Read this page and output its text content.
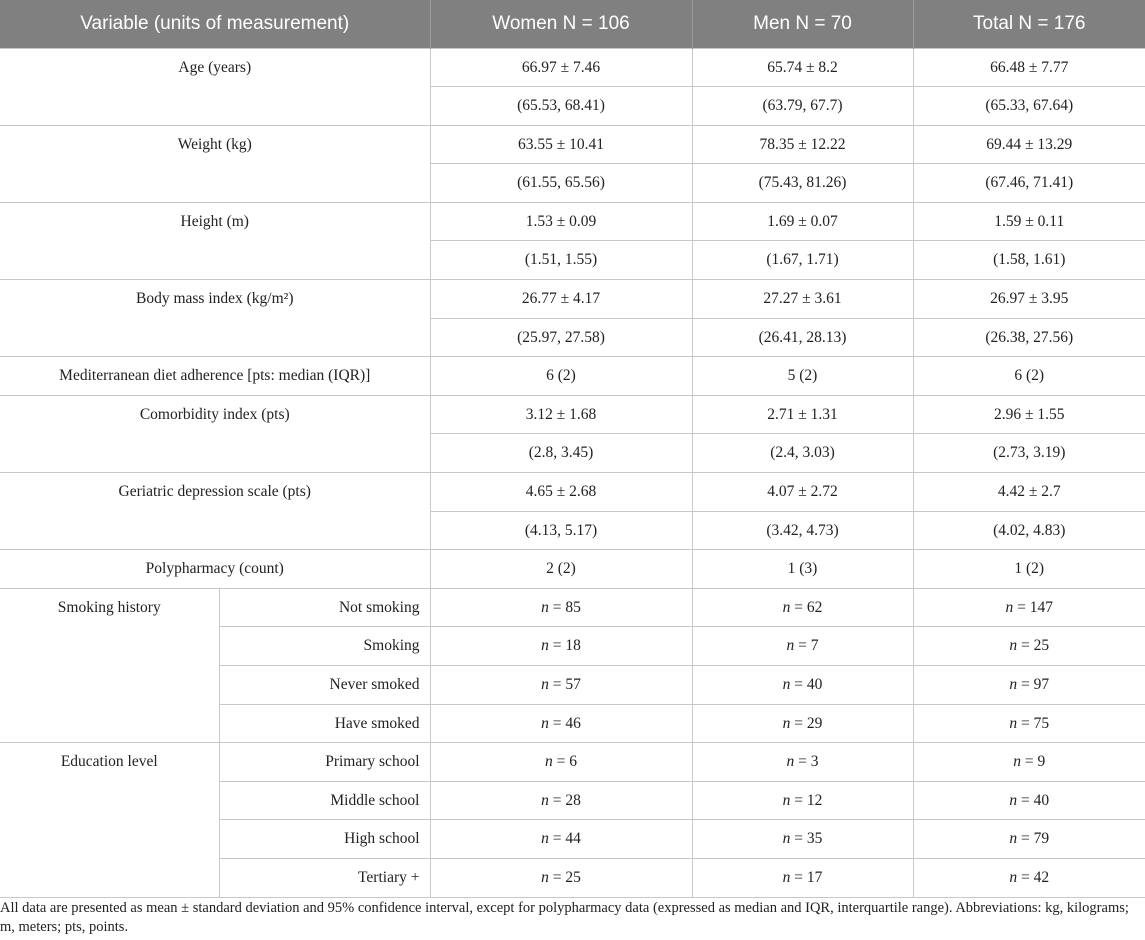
Variable (units of measurement)		Women N = 106	Men N = 70	Total N = 176
Age (years)		66.97 ± 7.46	65.74 ± 8.2	66.48 ± 7.77
		(65.53, 68.41)	(63.79, 67.7)	(65.33, 67.64)
Weight (kg)		63.55 ± 10.41	78.35 ± 12.22	69.44 ± 13.29
		(61.55, 65.56)	(75.43, 81.26)	(67.46, 71.41)
Height (m)		1.53 ± 0.09	1.69 ± 0.07	1.59 ± 0.11
		(1.51, 1.55)	(1.67, 1.71)	(1.58, 1.61)
Body mass index (kg/m²)		26.77 ± 4.17	27.27 ± 3.61	26.97 ± 3.95
		(25.97, 27.58)	(26.41, 28.13)	(26.38, 27.56)
Mediterranean diet adherence [pts: median (IQR)]		6 (2)	5 (2)	6 (2)
Comorbidity index (pts)		3.12 ± 1.68	2.71 ± 1.31	2.96 ± 1.55
		(2.8, 3.45)	(2.4, 3.03)	(2.73, 3.19)
Geriatric depression scale (pts)		4.65 ± 2.68	4.07 ± 2.72	4.42 ± 2.7
		(4.13, 5.17)	(3.42, 4.73)	(4.02, 4.83)
Polypharmacy (count)		2 (2)	1 (3)	1 (2)
Smoking history	Not smoking	n = 85	n = 62	n = 147
	Smoking	n = 18	n = 7	n = 25
	Never smoked	n = 57	n = 40	n = 97
	Have smoked	n = 46	n = 29	n = 75
Education level	Primary school	n = 6	n = 3	n = 9
	Middle school	n = 28	n = 12	n = 40
	High school	n = 44	n = 35	n = 79
	Tertiary +	n = 25	n = 17	n = 42

All data are presented as mean ± standard deviation and 95% confidence interval, except for polypharmacy data (expressed as median and IQR, interquartile range). Abbreviations: kg, kilograms; m, meters; pts, points.
